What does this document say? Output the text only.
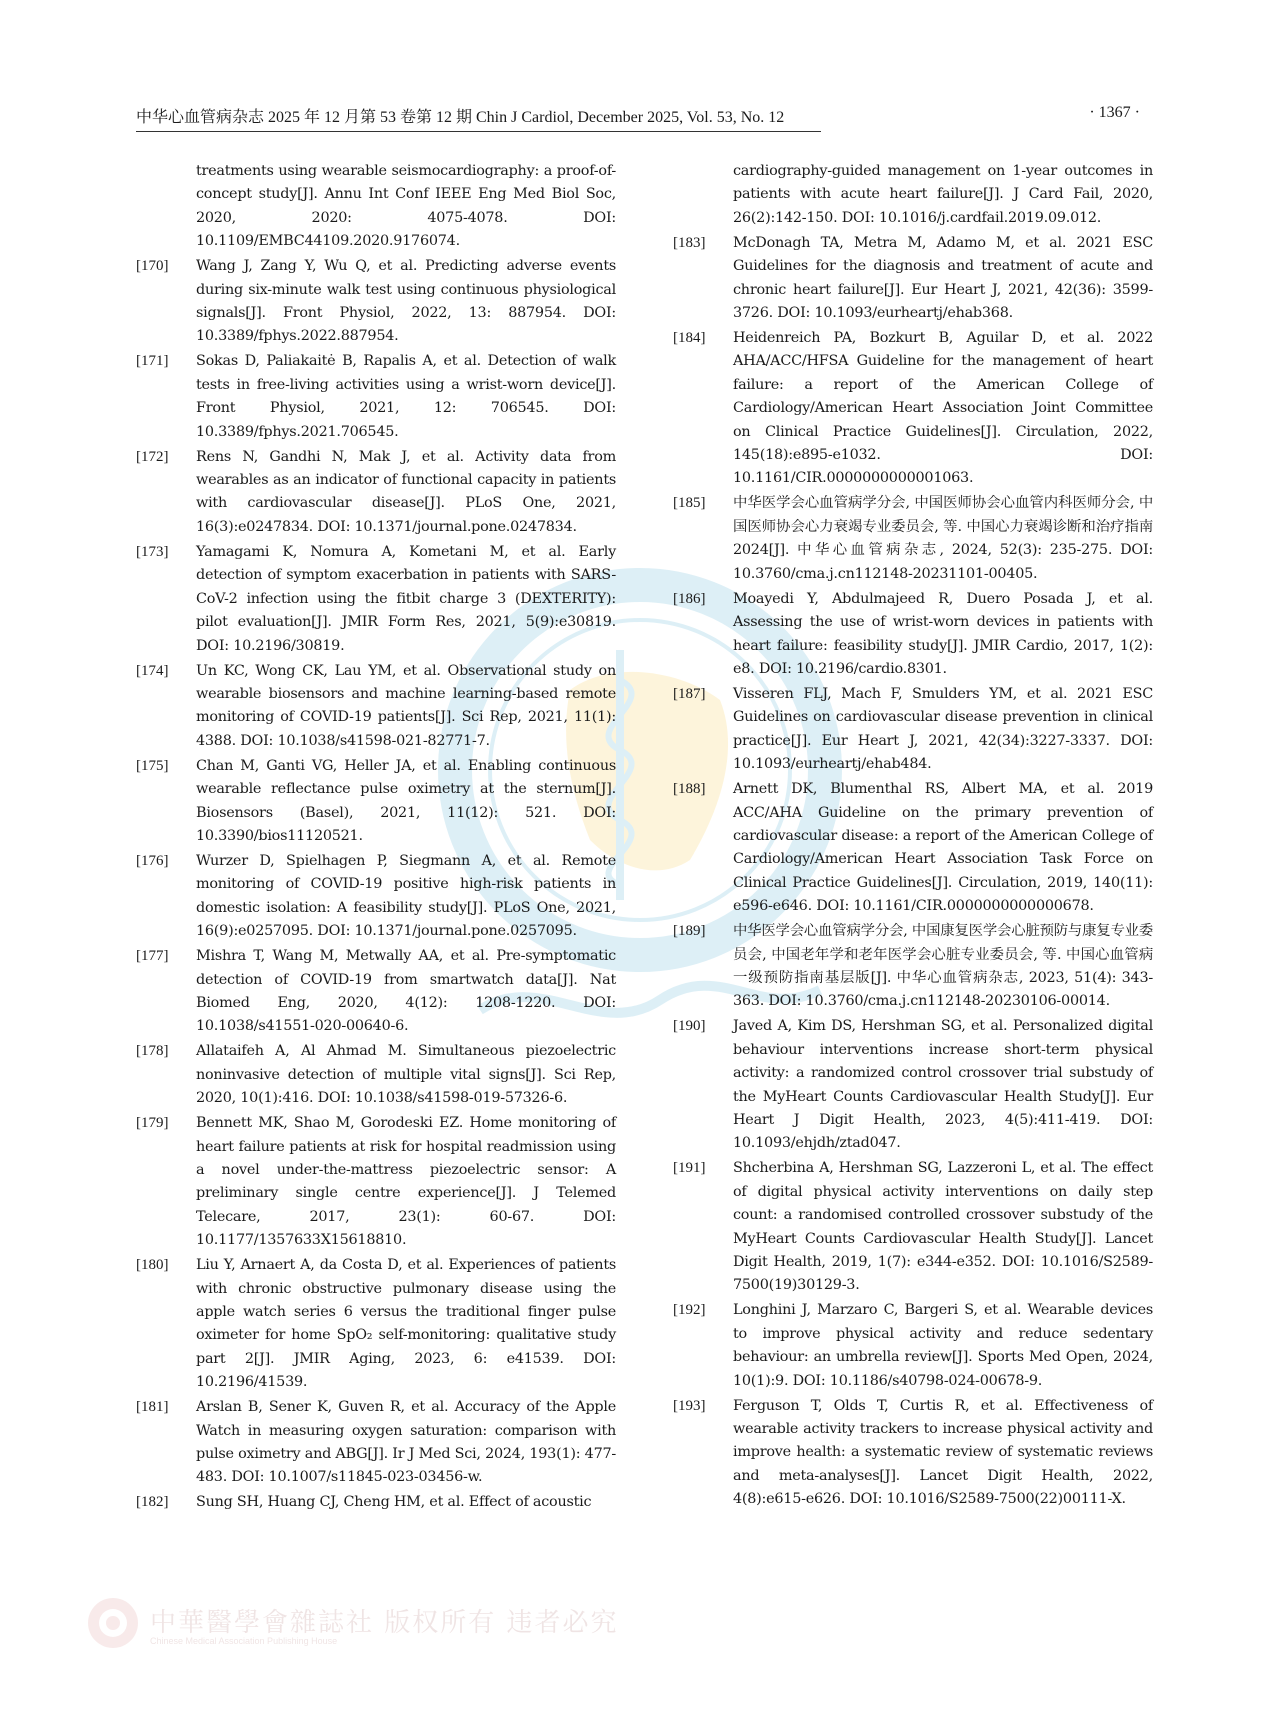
中华心血管病杂志 2025 年 12 月第 53 卷第 12 期 Chin J Cardiol, December 2025, Vol. 53, No. 12	· 1367 ·
treatments using wearable seismocardiography: a proof-of-concept study[J]. Annu Int Conf IEEE Eng Med Biol Soc, 2020, 2020: 4075-4078. DOI: 10.1109/EMBC44109.2020.9176074.
[170]	Wang J, Zang Y, Wu Q, et al. Predicting adverse events during six-minute walk test using continuous physiological signals[J]. Front Physiol, 2022, 13: 887954. DOI: 10.3389/fphys.2022.887954.
[171]	Sokas D, Paliakaitė B, Rapalis A, et al. Detection of walk tests in free-living activities using a wrist-worn device[J]. Front Physiol, 2021, 12: 706545. DOI: 10.3389/fphys.2021.706545.
[172]	Rens N, Gandhi N, Mak J, et al. Activity data from wearables as an indicator of functional capacity in patients with cardiovascular disease[J]. PLoS One, 2021, 16(3):e0247834. DOI: 10.1371/journal.pone.0247834.
[173]	Yamagami K, Nomura A, Kometani M, et al. Early detection of symptom exacerbation in patients with SARS-CoV-2 infection using the fitbit charge 3 (DEXTERITY): pilot evaluation[J]. JMIR Form Res, 2021, 5(9):e30819. DOI: 10.2196/30819.
[174]	Un KC, Wong CK, Lau YM, et al. Observational study on wearable biosensors and machine learning-based remote monitoring of COVID-19 patients[J]. Sci Rep, 2021, 11(1): 4388. DOI: 10.1038/s41598-021-82771-7.
[175]	Chan M, Ganti VG, Heller JA, et al. Enabling continuous wearable reflectance pulse oximetry at the sternum[J]. Biosensors (Basel), 2021, 11(12): 521. DOI: 10.3390/bios11120521.
[176]	Wurzer D, Spielhagen P, Siegmann A, et al. Remote monitoring of COVID-19 positive high-risk patients in domestic isolation: A feasibility study[J]. PLoS One, 2021, 16(9):e0257095. DOI: 10.1371/journal.pone.0257095.
[177]	Mishra T, Wang M, Metwally AA, et al. Pre-symptomatic detection of COVID-19 from smartwatch data[J]. Nat Biomed Eng, 2020, 4(12): 1208-1220. DOI: 10.1038/s41551-020-00640-6.
[178]	Allataifeh A, Al Ahmad M. Simultaneous piezoelectric noninvasive detection of multiple vital signs[J]. Sci Rep, 2020, 10(1):416. DOI: 10.1038/s41598-019-57326-6.
[179]	Bennett MK, Shao M, Gorodeski EZ. Home monitoring of heart failure patients at risk for hospital readmission using a novel under-the-mattress piezoelectric sensor: A preliminary single centre experience[J]. J Telemed Telecare, 2017, 23(1): 60-67. DOI: 10.1177/1357633X15618810.
[180]	Liu Y, Arnaert A, da Costa D, et al. Experiences of patients with chronic obstructive pulmonary disease using the apple watch series 6 versus the traditional finger pulse oximeter for home SpO₂ self-monitoring: qualitative study part 2[J]. JMIR Aging, 2023, 6: e41539. DOI: 10.2196/41539.
[181]	Arslan B, Sener K, Guven R, et al. Accuracy of the Apple Watch in measuring oxygen saturation: comparison with pulse oximetry and ABG[J]. Ir J Med Sci, 2024, 193(1): 477-483. DOI: 10.1007/s11845-023-03456-w.
[182]	Sung SH, Huang CJ, Cheng HM, et al. Effect of acoustic
cardiography-guided management on 1-year outcomes in patients with acute heart failure[J]. J Card Fail, 2020, 26(2):142-150. DOI: 10.1016/j.cardfail.2019.09.012.
[183]	McDonagh TA, Metra M, Adamo M, et al. 2021 ESC Guidelines for the diagnosis and treatment of acute and chronic heart failure[J]. Eur Heart J, 2021, 42(36): 3599-3726. DOI: 10.1093/eurheartj/ehab368.
[184]	Heidenreich PA, Bozkurt B, Aguilar D, et al. 2022 AHA/ACC/HFSA Guideline for the management of heart failure: a report of the American College of Cardiology/American Heart Association Joint Committee on Clinical Practice Guidelines[J]. Circulation, 2022, 145(18):e895-e1032. DOI: 10.1161/CIR.0000000000001063.
[185]	中华医学会心血管病学分会, 中国医师协会心血管内科医师分会, 中国医师协会心力衰竭专业委员会, 等. 中国心力衰竭诊断和治疗指南 2024[J]. 中华心血管病杂志, 2024, 52(3): 235-275. DOI: 10.3760/cma.j.cn112148-20231101-00405.
[186]	Moayedi Y, Abdulmajeed R, Duero Posada J, et al. Assessing the use of wrist-worn devices in patients with heart failure: feasibility study[J]. JMIR Cardio, 2017, 1(2): e8. DOI: 10.2196/cardio.8301.
[187]	Visseren FLJ, Mach F, Smulders YM, et al. 2021 ESC Guidelines on cardiovascular disease prevention in clinical practice[J]. Eur Heart J, 2021, 42(34):3227-3337. DOI: 10.1093/eurheartj/ehab484.
[188]	Arnett DK, Blumenthal RS, Albert MA, et al. 2019 ACC/AHA Guideline on the primary prevention of cardiovascular disease: a report of the American College of Cardiology/American Heart Association Task Force on Clinical Practice Guidelines[J]. Circulation, 2019, 140(11): e596-e646. DOI: 10.1161/CIR.0000000000000678.
[189]	中华医学会心血管病学分会, 中国康复医学会心脏预防与康复专业委员会, 中国老年学和老年医学会心脏专业委员会, 等. 中国心血管病一级预防指南基层版[J]. 中华心血管病杂志, 2023, 51(4): 343-363. DOI: 10.3760/cma.j.cn112148-20230106-00014.
[190]	Javed A, Kim DS, Hershman SG, et al. Personalized digital behaviour interventions increase short-term physical activity: a randomized control crossover trial substudy of the MyHeart Counts Cardiovascular Health Study[J]. Eur Heart J Digit Health, 2023, 4(5):411-419. DOI: 10.1093/ehjdh/ztad047.
[191]	Shcherbina A, Hershman SG, Lazzeroni L, et al. The effect of digital physical activity interventions on daily step count: a randomised controlled crossover substudy of the MyHeart Counts Cardiovascular Health Study[J]. Lancet Digit Health, 2019, 1(7): e344-e352. DOI: 10.1016/S2589-7500(19)30129-3.
[192]	Longhini J, Marzaro C, Bargeri S, et al. Wearable devices to improve physical activity and reduce sedentary behaviour: an umbrella review[J]. Sports Med Open, 2024, 10(1):9. DOI: 10.1186/s40798-024-00678-9.
[193]	Ferguson T, Olds T, Curtis R, et al. Effectiveness of wearable activity trackers to increase physical activity and improve health: a systematic review of systematic reviews and meta-analyses[J]. Lancet Digit Health, 2022, 4(8):e615-e626. DOI: 10.1016/S2589-7500(22)00111-X.
中華醫學會雜誌社 版权所有 违者必究
Chinese Medical Association Publishing House
